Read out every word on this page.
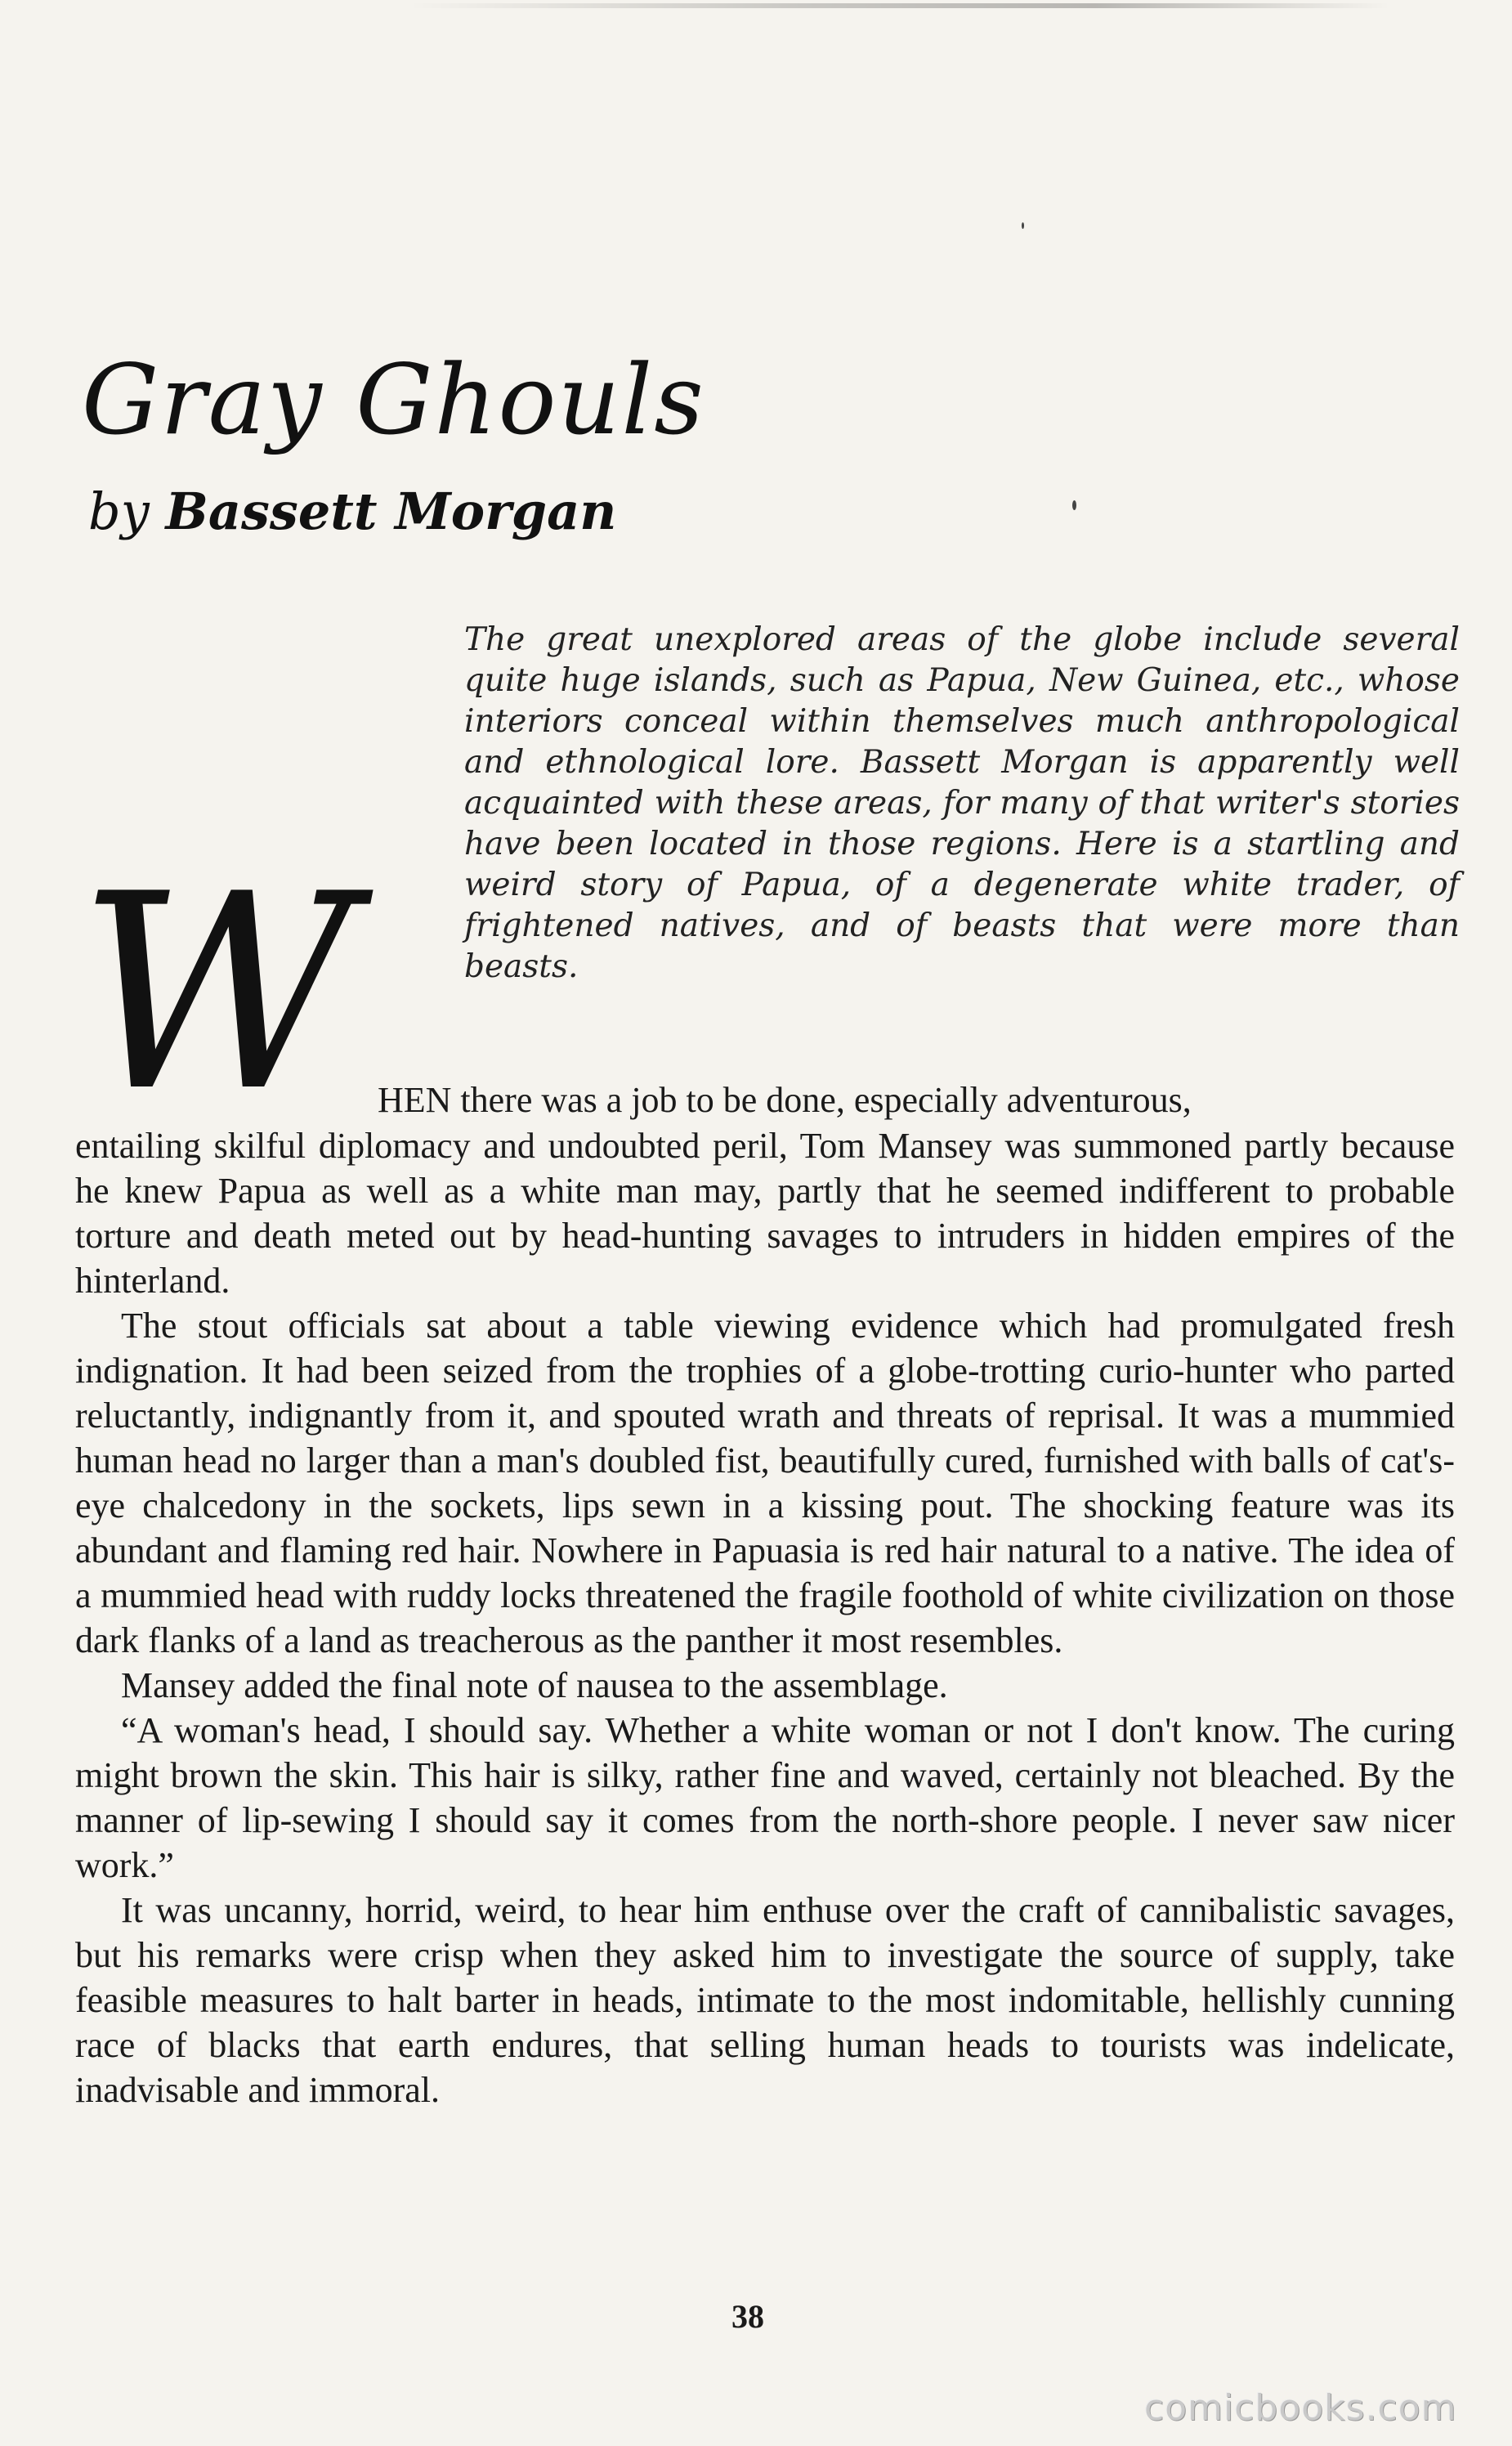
Gray Ghouls
by Bassett Morgan

The great unexplored areas of the globe include several quite huge islands, such as Papua, New Guinea, etc., whose interiors conceal within themselves much anthropological and ethnological lore. Bassett Morgan is apparently well acquainted with these areas, for many of that writer's stories have been located in those regions. Here is a startling and weird story of Papua, of a degenerate white trader, of frightened natives, and of beasts that were more than beasts.

W HEN there was a job to be done, especially adventurous,

entailing skilful diplomacy and undoubted peril, Tom Mansey was summoned partly because he knew Papua as well as a white man may, partly that he seemed indifferent to probable torture and death meted out by head-hunting savages to intruders in hidden empires of the hinterland.

The stout officials sat about a table viewing evidence which had promulgated fresh indignation. It had been seized from the trophies of a globe-trotting curio-hunter who parted reluctantly, indignantly from it, and spouted wrath and threats of reprisal. It was a mummied human head no larger than a man's doubled fist, beautifully cured, furnished with balls of cat's-eye chalcedony in the sockets, lips sewn in a kissing pout. The shocking feature was its abundant and flaming red hair. Nowhere in Papuasia is red hair natural to a native. The idea of a mummied head with ruddy locks threatened the fragile foothold of white civilization on those dark flanks of a land as treacherous as the panther it most resembles.

Mansey added the final note of nausea to the assemblage.

“A woman's head, I should say. Whether a white woman or not I don't know. The curing might brown the skin. This hair is silky, rather fine and waved, certainly not bleached. By the manner of lip-sewing I should say it comes from the north-shore people. I never saw nicer work.”

It was uncanny, horrid, weird, to hear him enthuse over the craft of cannibalistic savages, but his remarks were crisp when they asked him to investigate the source of supply, take feasible measures to halt barter in heads, intimate to the most indomitable, hellishly cunning race of blacks that earth endures, that selling human heads to tourists was indelicate, inadvisable and immoral.

38
comicbooks.com
